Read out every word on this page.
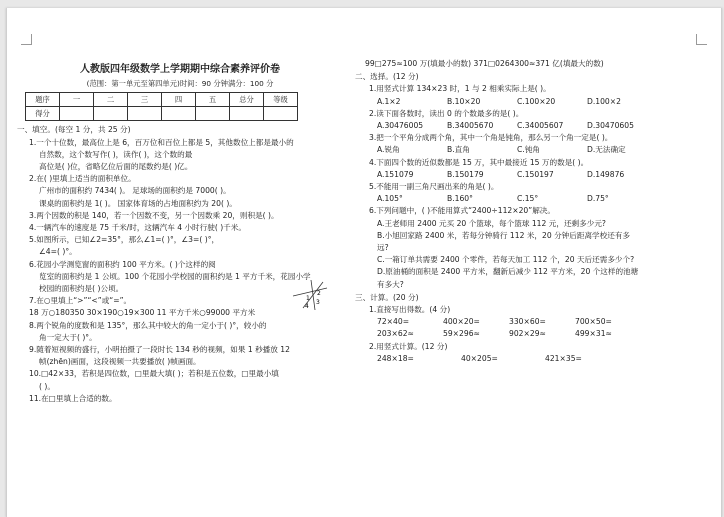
人教版四年级数学上学期期中综合素养评价卷
(范围：第一单元至第四单元)时间：90 分钟满分：100 分
题序	一	二	三	四	五	总分	等级
得分							
一、填空。(每空 1 分，共 25 分)
1.一个十位数，最高位上是 6，百万位和百位上都是 5，其他数位上都是最小的
自然数，这个数写作( )，读作( )，这个数的最
高位是( )位，省略亿位后面的尾数约是( )亿。
2.在( )里填上适当的面积单位。
广州市的面积约 7434( )。 足球场的面积约是 7000( )。
课桌的面积约是 1( )。 国家体育场的占地面积约为 20( )。
3.两个因数的积是 140，若一个因数不变，另一个因数乘 20，则积是( )。
4.一辆汽车的速度是 75 千米/时，这辆汽车 4 小时行驶( )千米。
5.如图所示，已知∠2=35°，那么∠1=( )°，∠3=( )°，
∠4=( )°。
6.花园小学测览窗的面积约 100 平方米。( )个这样的阅
览室的面积约是 1 公顷。100 个花园小学校园的面积约是 1 平方千米，花园小学
校园的面积约是( )公顷。
7.在○里填上“>”“<”或“=”。
18 万○180350 30×190○19×300 11 平方千米○99000 平方米
8.两个锐角的度数和是 135°，那么其中较大的角一定小于( )°，较小的
角一定大于( )°。
9.随着短视频的盛行，小明拍摄了一段时长 134 秒的视频，如果 1 秒播放 12
帧(zhēn)画面，这段视频一共要播放( )帧画面。
10.□42×33，若积是四位数，□里最大填( )；若积是五位数，□里最小填
( )。
11.在□里填上合适的数。
1
2
3
4
99□275≈100 万(填最小的数) 371□0264300≈371 亿(填最大的数)
二、选择。(12 分)
1.用竖式计算 134×23 时，1 与 2 相乘实际上是( )。
A.1×2	B.10×20	C.100×20	D.100×2
2.读下面各数时，读出 0 的个数最多的是( )。
A.30476005	B.34005670	C.34005607	D.30470605
3.把一个平角分成两个角，其中一个角是钝角，那么另一个角一定是( )。
A.锐角	B.直角	C.钝角	D.无法确定
4.下面四个数的近似数都是 15 万，其中最接近 15 万的数是( )。
A.151079	B.150179	C.150197	D.149876
5.不能用一副三角尺画出来的角是( )。
A.105°	B.160°	C.15°	D.75°
6.下列问题中，( )不能用算式“2400÷112×20”解决。
A.王老师用 2400 元买 20 个篮球，每个篮球 112 元，还剩多少元?
B.小旭回家路 2400 米，若每分钟骑行 112 米，20 分钟后距离学校还有多
远?
C.一箱订单共需要 2400 个零件，若每天加工 112 个，20 天后还需多少个?
D.原油桶的面积是 2400 平方米，翻新后减少 112 平方米，20 个这样的池塘
有多大?
三、计算。(20 分)
1.直接写出得数。(4 分)
72×40=	400×20=	330×60=	700×50=
203×62≈	59×296≈	902×29≈	499×31≈
2.用竖式计算。(12 分)
248×18=	40×205=	421×35=
